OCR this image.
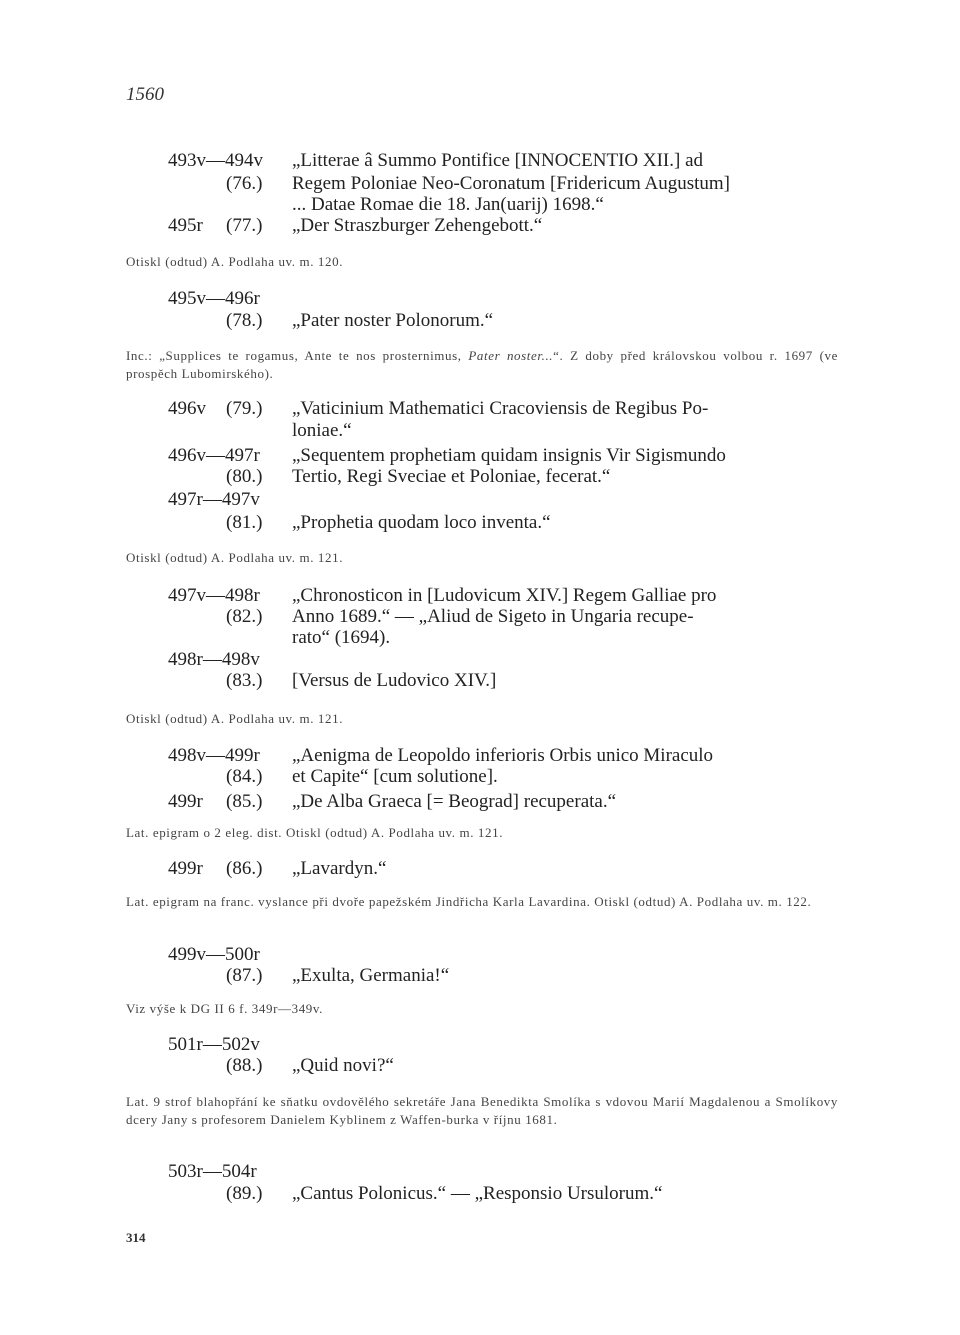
1560
493v—494v „Litterae â Summo Pontifice [INNOCENTIO XII.] ad
(76.) Regem Poloniae Neo-Coronatum [Fridericum Augustum]
... Datae Romae die 18. Jan(uarij) 1698.“
495r (77.) „Der Straszburger Zehengebott.“
Otiskl (odtud) A. Podlaha uv. m. 120.
495v—496r
(78.) „Pater noster Polonorum.“
Inc.: „Supplices te rogamus, Ante te nos prosternimus, Pater noster...“. Z doby před královskou volbou r. 1697 (ve prospěch Lubomirského).
496v (79.) „Vaticinium Mathematici Cracoviensis de Regibus Po-
loniae.“
496v—497r „Sequentem prophetiam quidam insignis Vir Sigismundo
(80.) Tertio, Regi Sveciae et Poloniae, fecerat.“
497r—497v
(81.) „Prophetia quodam loco inventa.“
Otiskl (odtud) A. Podlaha uv. m. 121.
497v—498r „Chronosticon in [Ludovicum XIV.] Regem Galliae pro
(82.) Anno 1689.“ — „Aliud de Sigeto in Ungaria recupe-
rato“ (1694).
498r—498v
(83.) [Versus de Ludovico XIV.]
Otiskl (odtud) A. Podlaha uv. m. 121.
498v—499r „Aenigma de Leopoldo inferioris Orbis unico Miraculo
(84.) et Capite“ [cum solutione].
499r (85.) „De Alba Graeca [= Beograd] recuperata.“
Lat. epigram o 2 eleg. dist. Otiskl (odtud) A. Podlaha uv. m. 121.
499r (86.) „Lavardyn.“
Lat. epigram na franc. vyslance při dvoře papežském Jindřicha Karla Lavardina. Otiskl (odtud) A. Podlaha uv. m. 122.
499v—500r
(87.) „Exulta, Germania!“
Viz výše k DG II 6 f. 349r—349v.
501r—502v
(88.) „Quid novi?“
Lat. 9 strof blahopřání ke sňatku ovdovělého sekretáře Jana Benedikta Smolíka s vdovou Marií Magdalenou a Smolíkovy dcery Jany s profesorem Danielem Kyblinem z Waffen-burka v říjnu 1681.
503r—504r
(89.) „Cantus Polonicus.“ — „Responsio Ursulorum.“
314
